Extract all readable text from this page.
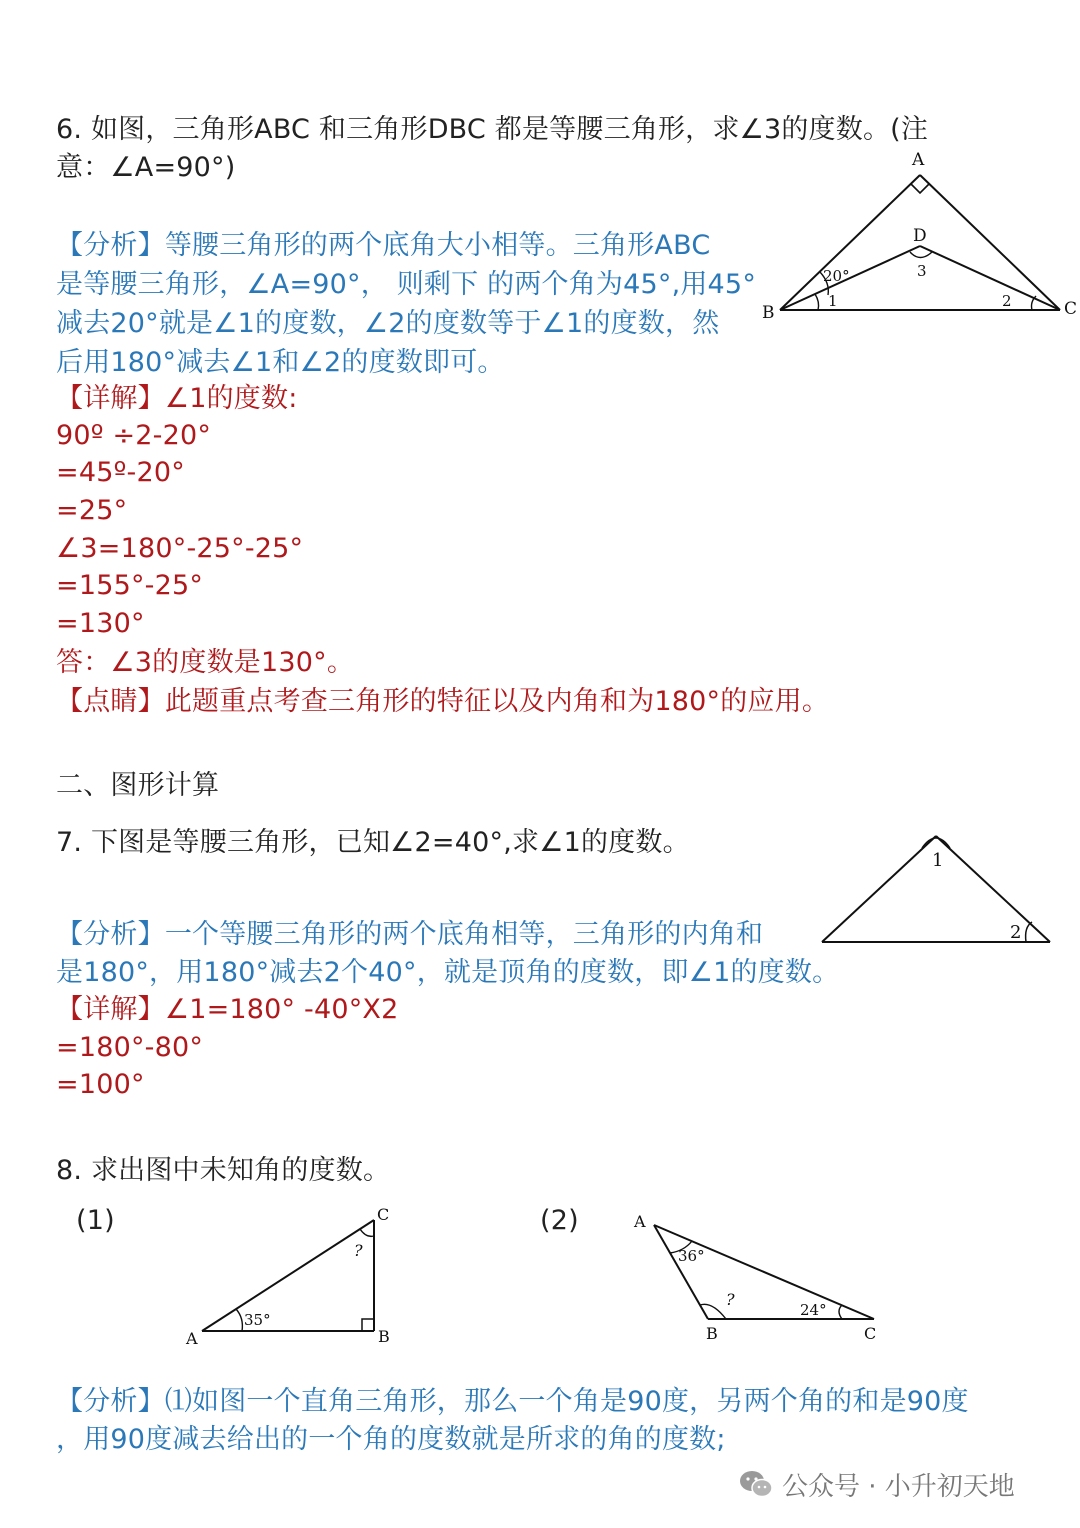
6. 如图，三角形ABC 和三角形DBC 都是等腰三角形，求∠3的度数。(注
意：∠A=90°)
【分析】等腰三角形的两个底角大小相等。三角形ABC
是等腰三角形，∠A=90°， 则剩下 的两个角为45°,用45°
减去20°就是∠1的度数，∠2的度数等于∠1的度数，然
后用180°减去∠1和∠2的度数即可。
【详解】∠1的度数:
90º ÷2-20°
=45º-20°
=25°
∠3=180°-25°-25°
=155°-25°
=130°
答：∠3的度数是130°。
【点睛】此题重点考查三角形的特征以及内角和为180°的应用。
A
D
B	C
20°
1	2
3
二、图形计算
7. 下图是等腰三角形，已知∠2=40°,求∠1的度数。
【分析】一个等腰三角形的两个底角相等，三角形的内角和
是180°，用180°减去2个40°，就是顶角的度数，即∠1的度数。
【详解】∠1=180° -40°X2
=180°-80°
=100°
1
2
8. 求出图中未知角的度数。
(1)	(2)
A	B
C
35°
?
A
B	C
36°
24°
?
【分析】⑴如图一个直角三角形，那么一个角是90度，另两个角的和是90度
，用90度减去给出的一个角的度数就是所求的角的度数;
公众号 · 小升初天地
